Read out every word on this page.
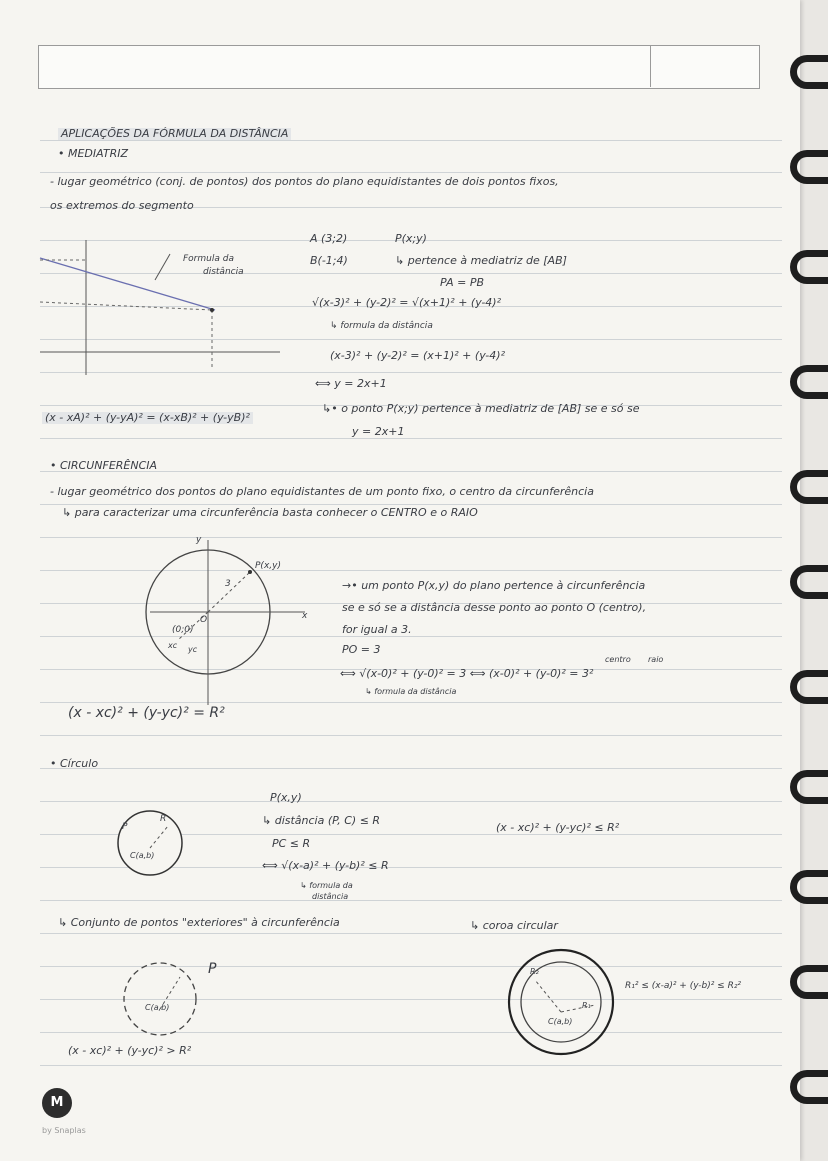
APLICAÇÕES DA FÓRMULA DA DISTÂNCIA
• MEDIATRIZ
- lugar geométrico (conj. de pontos) dos pontos do plano equidistantes de dois pontos fixos,
os extremos do segmento
Formula da
distância
A (3;2)	P(x;y)
B(-1;4)	↳ pertence à mediatriz de [AB]
PA = PB
√(x-3)² + (y-2)² = √(x+1)² + (y-4)²
↳ formula da distância
(x-3)² + (y-2)² = (x+1)² + (y-4)²
⟺ y = 2x+1
↳• o ponto P(x;y) pertence à mediatriz de [AB] se e só se
y = 2x+1
(x - xA)² + (y-yA)² = (x-xB)² + (y-yB)²
• CIRCUNFERÊNCIA
- lugar geométrico dos pontos do plano equidistantes de um ponto fixo, o centro da circunferência
↳ para caracterizar uma circunferência basta conhecer o CENTRO e o RAIO
y
x
P(x,y)
3
O
(0;0)
xc yc
→• um ponto P(x,y) do plano pertence à circunferência
se e só se a distância desse ponto ao ponto O (centro),
for igual a 3.
PO = 3
centro raio
⟺ √(x-0)² + (y-0)² = 3 ⟺ (x-0)² + (y-0)² = 3²
↳ formula da distância
(x - xc)² + (y-yc)² = R²
• Círculo
P(x,y)
↳ distância (P, C) ≤ R
PC ≤ R
⟺ √(x-a)² + (y-b)² ≤ R
↳ formula da
distância
(x - xc)² + (y-yc)² ≤ R²
P
R
C(a,b)
↳ Conjunto de pontos "exteriores" à circunferência	↳ coroa circular
P
C(a,b)
(x - xc)² + (y-yc)² > R²
C(a,b)
R₁
R₂
R₁² ≤ (x-a)² + (y-b)² ≤ R₂²
M
by Snaplas
